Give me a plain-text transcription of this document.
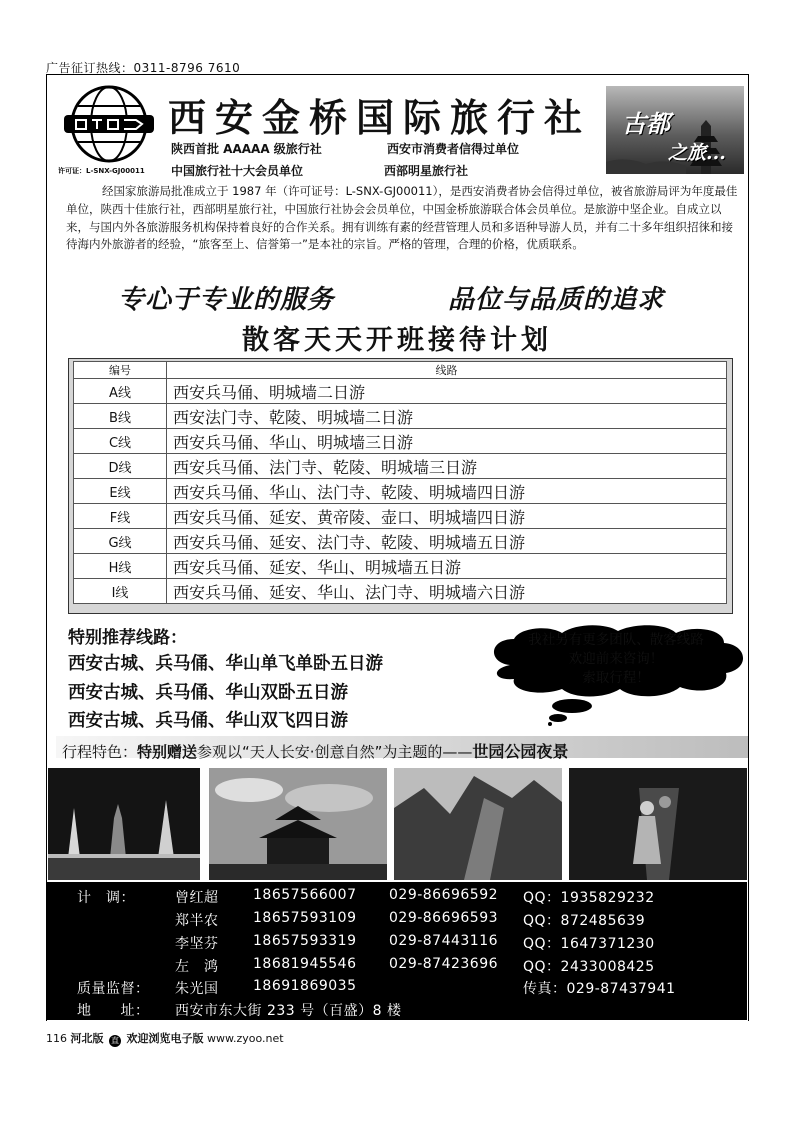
广告征订热线：0311-8796 7610
许可证：L-SNX-GJ00011
西安金桥国际旅行社
陕西首批 AAAAA 级旅行社	西安市消费者信得过单位
中国旅行社十大会员单位	西部明星旅行社
古都
之旅...
经国家旅游局批准成立于 1987 年（许可证号：L-SNX-GJ00011），是西安消费者协会信得过单位，被省旅游局评为年度最佳单位，陕西十佳旅行社，西部明星旅行社，中国旅行社协会会员单位，中国金桥旅游联合体会员单位。是旅游中坚企业。自成立以来，与国内外各旅游服务机构保持着良好的合作关系。拥有训练有素的经营管理人员和多语种导游人员，并有二十多年组织招徕和接待海内外旅游者的经验，“旅客至上、信誉第一”是本社的宗旨。严格的管理，合理的价格，优质联系。
专心于专业的服务	品位与品质的追求
散客天天开班接待计划
编号	线路
A线	西安兵马俑、明城墙二日游
B线	西安法门寺、乾陵、明城墙二日游
C线	西安兵马俑、华山、明城墙三日游
D线	西安兵马俑、法门寺、乾陵、明城墙三日游
E线	西安兵马俑、华山、法门寺、乾陵、明城墙四日游
F线	西安兵马俑、延安、黄帝陵、壶口、明城墙四日游
G线	西安兵马俑、延安、法门寺、乾陵、明城墙五日游
H线	西安兵马俑、延安、华山、明城墙五日游
I线	西安兵马俑、延安、华山、法门寺、明城墙六日游
特别推荐线路：
西安古城、兵马俑、华山单飞单卧五日游
西安古城、兵马俑、华山双卧五日游
西安古城、兵马俑、华山双飞四日游
我社另有更多团队、散客线路
欢迎前来咨询！
索取行程！
行程特色：特别赠送参观以“天人长安·创意自然”为主题的——世园公园夜景
计　调：	曾红超 18657566007 029-86696592 QQ：1935829232
郑半农 18657593109 029-86696593 QQ：872485639
李坚芬 18657593319 029-87443116 QQ：1647371230
左　鸿 18681945546 029-87423696 QQ：2433008425
质量监督： 朱光国 18691869035	传真：029-87437941
地　　址： 西安市东大街 233 号（百盛）8 楼
116 河北版 直 欢迎浏览电子版 www.zyoo.net
